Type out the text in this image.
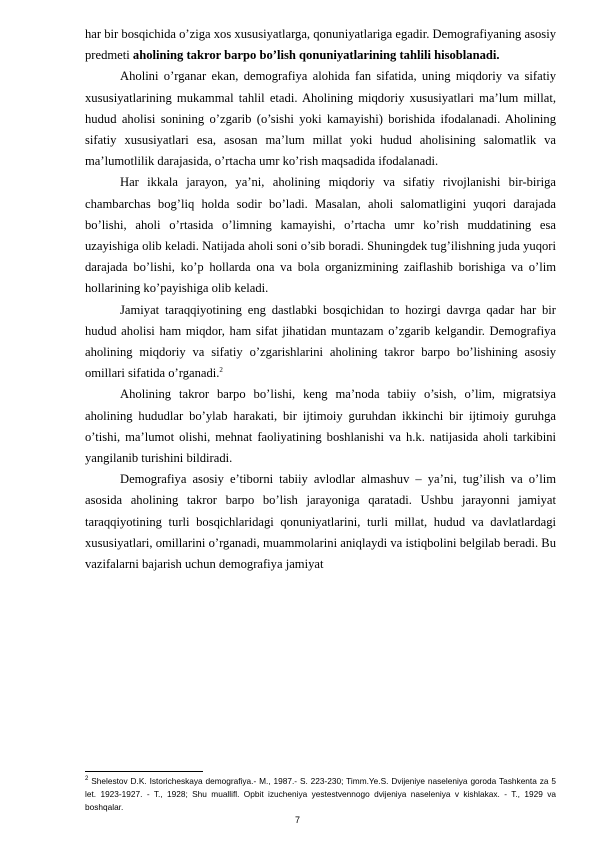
har bir bosqichida o’ziga xos xususiyatlarga, qonuniyatlariga egadir. Demografiyaning asosiy predmeti aholining takror barpo bo’lish qonuniyatlarining tahlili hisoblanadi.

Aholini o’rganar ekan, demografiya alohida fan sifatida, uning miqdoriy va sifatiy xususiyatlarining mukammal tahlil etadi. Aholining miqdoriy xususiyatlari ma’lum millat, hudud aholisi sonining o’zgarib (o’sishi yoki kamayishi) borishida ifodalanadi. Aholining sifatiy xususiyatlari esa, asosan ma’lum millat yoki hudud aholisining salomatlik va ma’lumotlilik darajasida, o’rtacha umr ko’rish maqsadida ifodalanadi.

Har ikkala jarayon, ya’ni, aholining miqdoriy va sifatiy rivojlanishi bir-biriga chambarchas bog’liq holda sodir bo’ladi. Masalan, aholi salomatligini yuqori darajada bo’lishi, aholi o’rtasida o’limning kamayishi, o’rtacha umr ko’rish muddatining esa uzayishiga olib keladi. Natijada aholi soni o’sib boradi. Shuningdek tug’ilishning juda yuqori darajada bo’lishi, ko’p hollarda ona va bola organizmining zaiflashib borishiga va o’lim hollarining ko’payishiga olib keladi.

Jamiyat taraqqiyotining eng dastlabki bosqichidan to hozirgi davrga qadar har bir hudud aholisi ham miqdor, ham sifat jihatidan muntazam o’zgarib kelgandir. Demografiya aholining miqdoriy va sifatiy o’zgarishlarini aholining takror barpo bo’lishining asosiy omillari sifatida o’rganadi.$^2$

Aholining takror barpo bo’lishi, keng ma’noda tabiiy o’sish, o’lim, migratsiya aholining hududlar bo’ylab harakati, bir ijtimoiy guruhdan ikkinchi bir ijtimoiy guruhga o’tishi, ma’lumot olishi, mehnat faoliyatining boshlanishi va h.k. natijasida aholi tarkibini yangilanib turishini bildiradi.

Demografiya asosiy e’tiborni tabiiy avlodlar almashuv – ya’ni, tug’ilish va o’lim asosida aholining takror barpo bo’lish jarayoniga qaratadi. Ushbu jarayonni jamiyat taraqqiyotining turli bosqichlaridagi qonuniyatlarini, turli millat, hudud va davlatlardagi xususiyatlari, omillarini o’rganadi, muammolarini aniqlaydi va istiqbolini belgilab beradi. Bu vazifalarni bajarish uchun demografiya jamiyat

$^2$ Shelestov D.K. Istoricheskaya demografiya.- M., 1987.- S. 223-230; Timm.Ye.S. Dvijeniye naseleniya goroda Tashkenta za 5 let. 1923-1927. - T., 1928; Shu muallifl. Opbit izucheniya yestestvennogo dvijeniya naseleniya v kishlakax. - T., 1929 va boshqalar.

7
